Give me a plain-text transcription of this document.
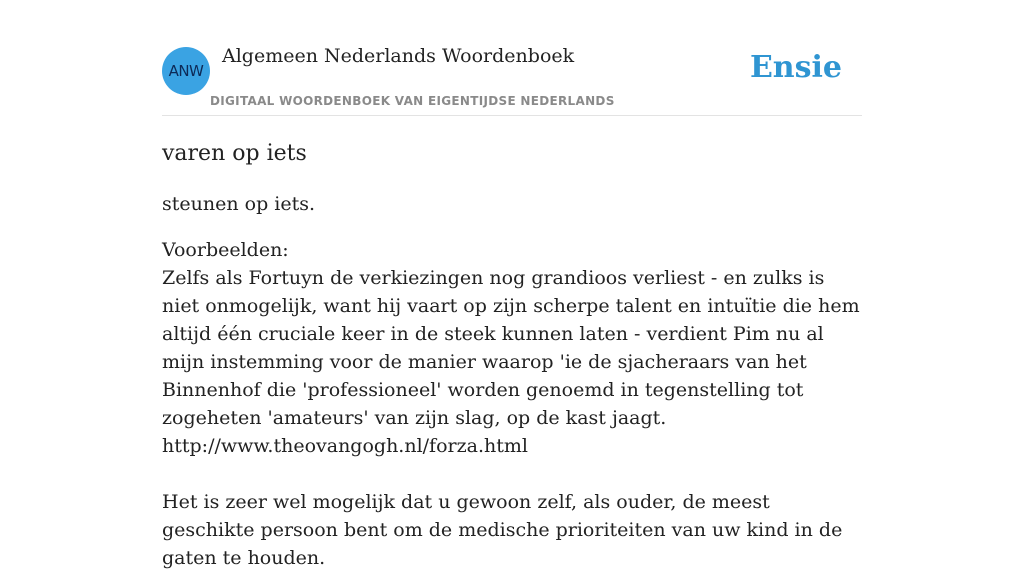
ANW
Algemeen Nederlands Woordenboek
DIGITAAL WOORDENBOEK VAN EIGENTIJDSE NEDERLANDS
Ensie
varen op iets

steunen op iets.

Voorbeelden:

Zelfs als Fortuyn de verkiezingen nog grandioos verliest - en zulks is niet onmogelijk, want hij vaart op zijn scherpe talent en intuïtie die hem altijd één cruciale keer in de steek kunnen laten - verdient Pim nu al mijn instemming voor de manier waarop 'ie de sjacheraars van het Binnenhof die 'professioneel' worden genoemd in tegenstelling tot zogeheten 'amateurs' van zijn slag, op de kast jaagt.

http://www.theovangogh.nl/forza.html

Het is zeer wel mogelijk dat u gewoon zelf, als ouder, de meest geschikte persoon bent om de medische prioriteiten van uw kind in de gaten te houden.
